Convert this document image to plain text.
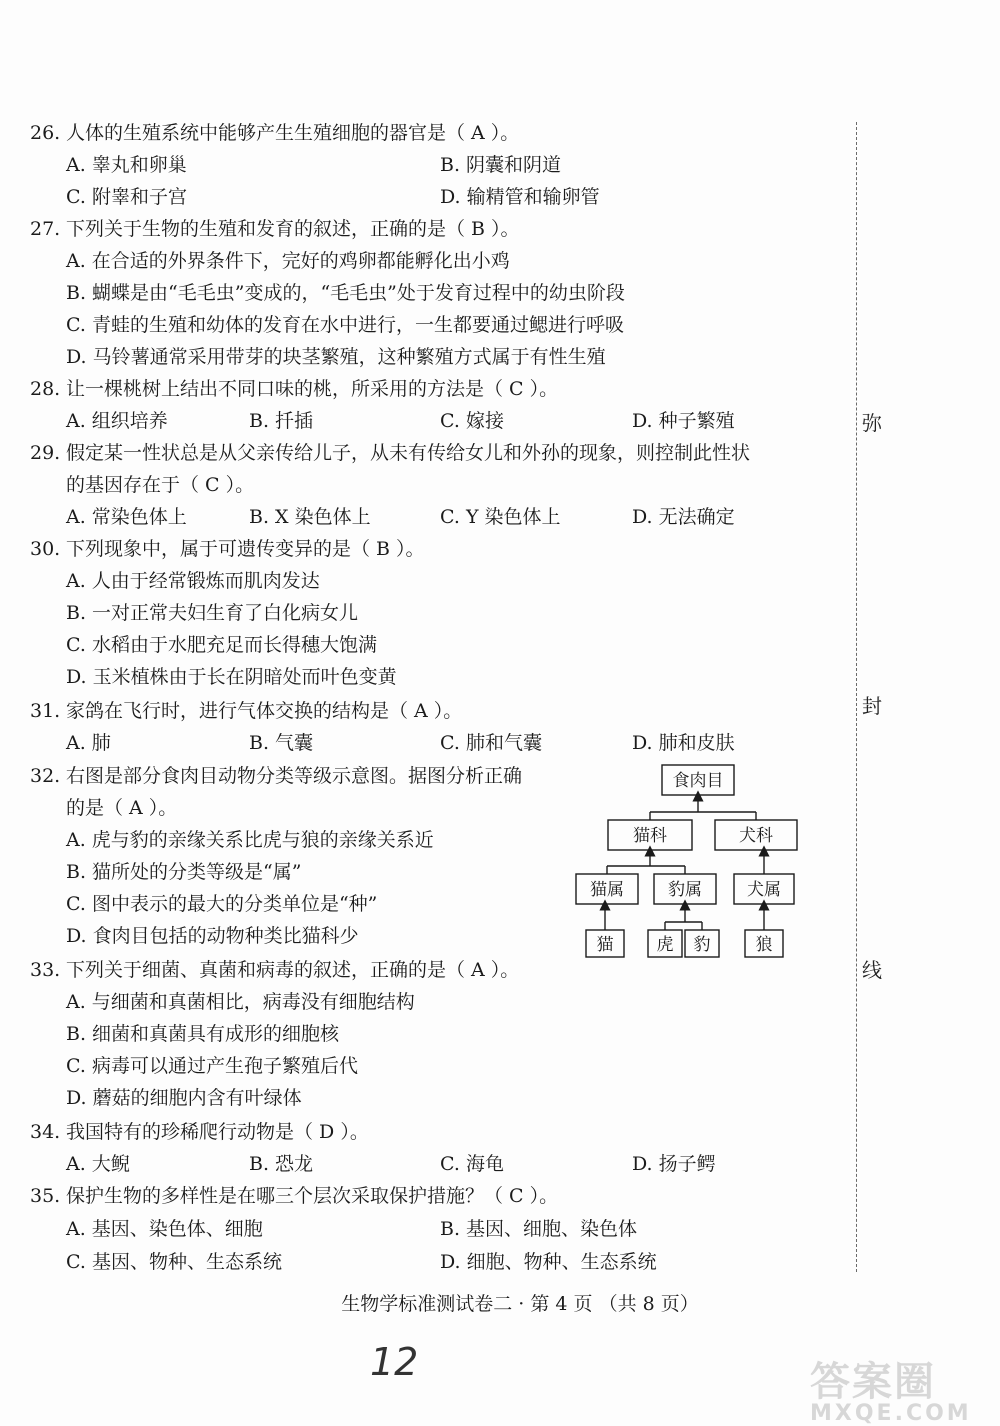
26. 人体的生殖系统中能够产生生殖细胞的器官是（ A ）。
A. 睾丸和卵巢	B. 阴囊和阴道
C. 附睾和子宫	D. 输精管和输卵管
27. 下列关于生物的生殖和发育的叙述，正确的是（ B ）。
A. 在合适的外界条件下，完好的鸡卵都能孵化出小鸡
B. 蝴蝶是由“毛毛虫”变成的，“毛毛虫”处于发育过程中的幼虫阶段
C. 青蛙的生殖和幼体的发育在水中进行，一生都要通过鳃进行呼吸
D. 马铃薯通常采用带芽的块茎繁殖，这种繁殖方式属于有性生殖
28. 让一棵桃树上结出不同口味的桃，所采用的方法是（ C ）。
A. 组织培养	B. 扦插	C. 嫁接	D. 种子繁殖
29. 假定某一性状总是从父亲传给儿子，从未有传给女儿和外孙的现象，则控制此性状
的基因存在于（ C ）。
A. 常染色体上	B. X 染色体上	C. Y 染色体上	D. 无法确定
30. 下列现象中，属于可遗传变异的是（ B ）。
A. 人由于经常锻炼而肌肉发达
B. 一对正常夫妇生育了白化病女儿
C. 水稻由于水肥充足而长得穗大饱满
D. 玉米植株由于长在阴暗处而叶色变黄
31. 家鸽在飞行时，进行气体交换的结构是（ A ）。
A. 肺	B. 气囊	C. 肺和气囊	D. 肺和皮肤
32. 右图是部分食肉目动物分类等级示意图。据图分析正确
的是（ A ）。
A. 虎与豹的亲缘关系比虎与狼的亲缘关系近
B. 猫所处的分类等级是“属”
C. 图中表示的最大的分类单位是“种”
D. 食肉目包括的动物种类比猫科少
食肉目
猫科	犬科
猫属	豹属	犬属
猫	虎 豹	狼
33. 下列关于细菌、真菌和病毒的叙述，正确的是（ A ）。
A. 与细菌和真菌相比，病毒没有细胞结构
B. 细菌和真菌具有成形的细胞核
C. 病毒可以通过产生孢子繁殖后代
D. 蘑菇的细胞内含有叶绿体
34. 我国特有的珍稀爬行动物是（ D ）。
A. 大鲵	B. 恐龙	C. 海龟	D. 扬子鳄
35. 保护生物的多样性是在哪三个层次采取保护措施？（ C ）。
A. 基因、染色体、细胞	B. 基因、细胞、染色体
C. 基因、物种、生态系统	D. 细胞、物种、生态系统
弥
封
线
生物学标准测试卷二 · 第 4 页 （共 8 页）
12	答案圈
MXQE.COM
